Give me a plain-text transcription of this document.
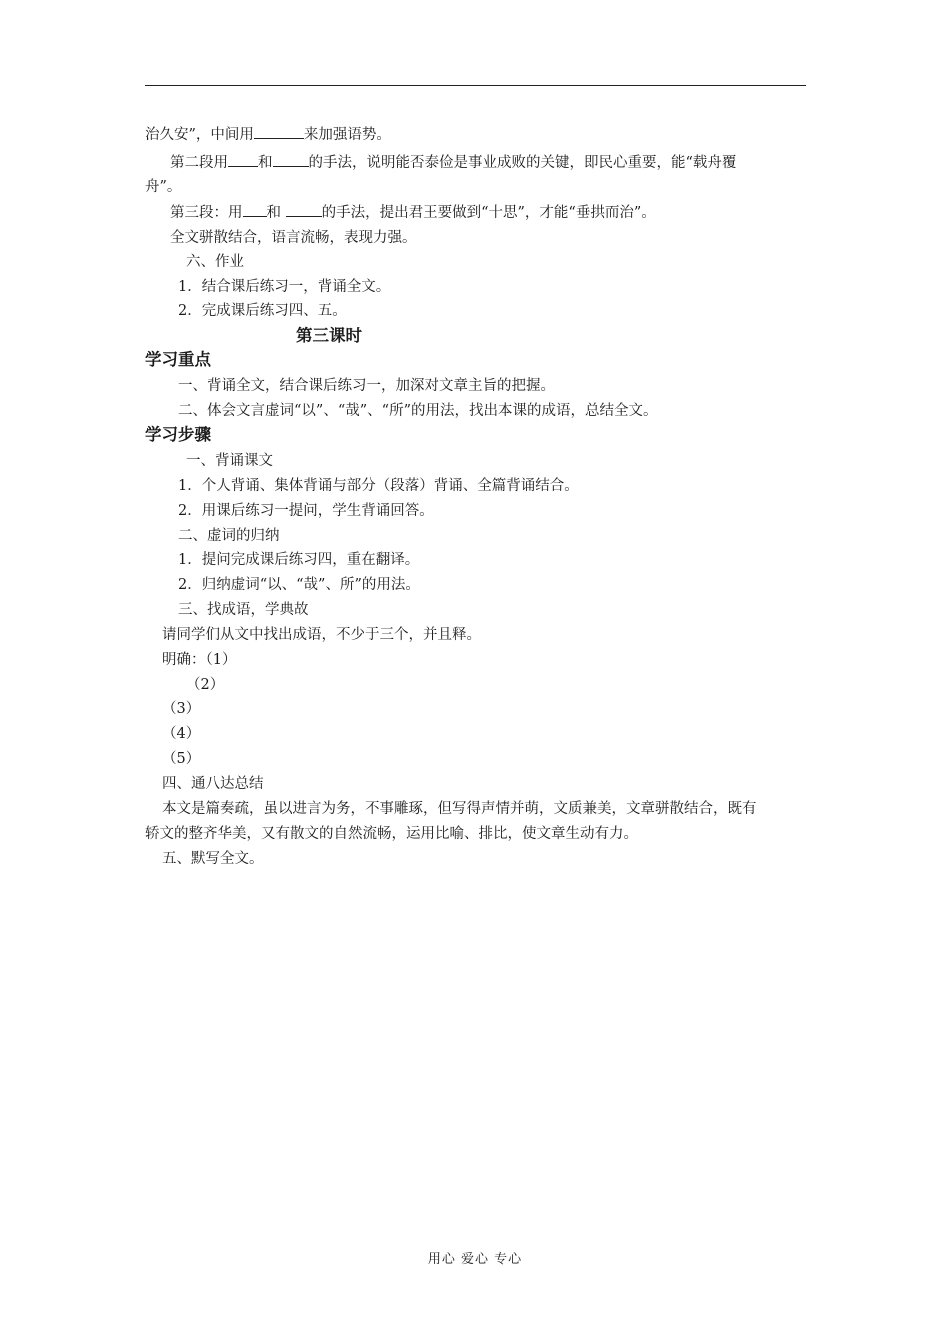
治久安”，中间用	来加强语势。
第二段用 和 的手法，说明能否泰俭是事业成败的关键，即民心重要，能“载舟覆
舟”。
第三段：用 和	的手法，提出君王要做到“十思”，才能“垂拱而治”。
全文骈散结合，语言流畅，表现力强。
六、作业
1．结合课后练习一，背诵全文。
2．完成课后练习四、五。
第三课时
学习重点
一、背诵全文，结合课后练习一，加深对文章主旨的把握。
二、体会文言虚词“以”、“哉”、“所”的用法，找出本课的成语，总结全文。
学习步骤
一、背诵课文
1．个人背诵、集体背诵与部分（段落）背诵、全篇背诵结合。
2．用课后练习一提问，学生背诵回答。
二、虚词的归纳
1．提问完成课后练习四，重在翻译。
2．归纳虚词“以、“哉”、所”的用法。
三、找成语，学典故
请同学们从文中找出成语，不少于三个，并且释。
明确：（1）
（2）
（3）
（4）
（5）
四、通八达总结
本文是篇奏疏，虽以进言为务，不事雕琢，但写得声情并萌，文质兼美，文章骈散结合，既有
轿文的整齐华美，又有散文的自然流畅，运用比喻、排比，使文章生动有力。
五、默写全文。
用心 爱心 专心
